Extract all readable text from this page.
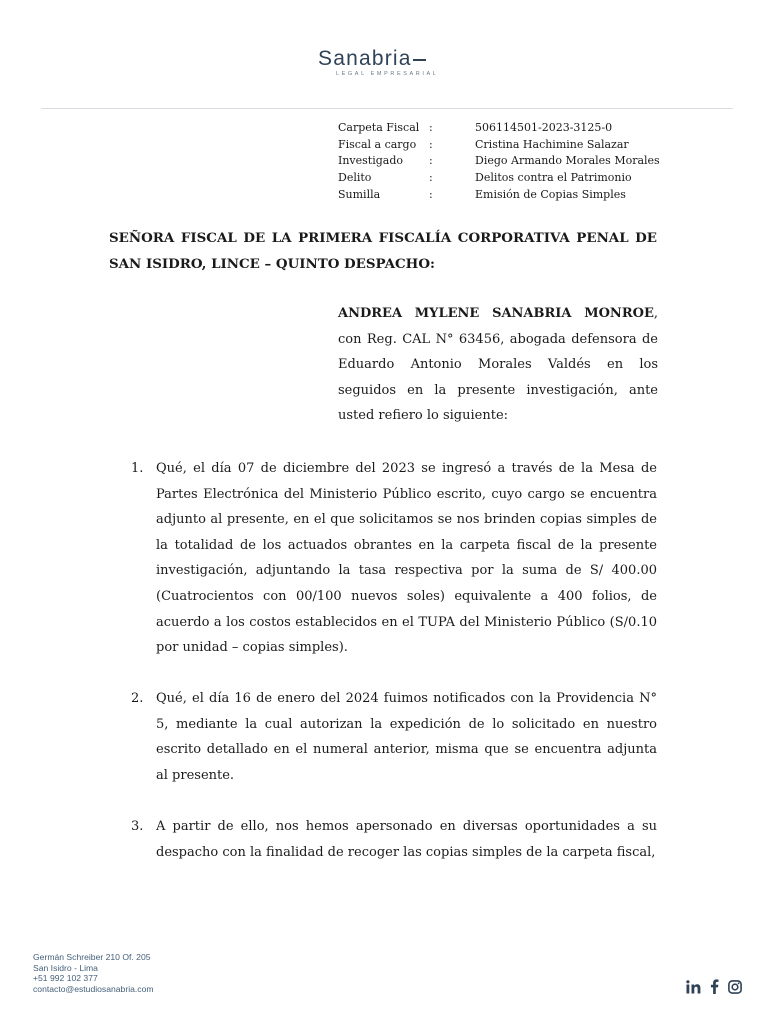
Sanabria
LEGAL EMPRESARIAL
Carpeta Fiscal :	506114501-2023-3125-0
Fiscal a cargo	:	Cristina Hachimine Salazar
Investigado	:	Diego Armando Morales Morales
Delito	:	Delitos contra el Patrimonio
Sumilla	:	Emisión de Copias Simples
SEÑORA FISCAL DE LA PRIMERA FISCALÍA CORPORATIVA PENAL DE SAN ISIDRO, LINCE – QUINTO DESPACHO:
ANDREA MYLENE SANABRIA MONROE, con Reg. CAL N° 63456, abogada defensora de Eduardo Antonio Morales Valdés en los seguidos en la presente investigación, ante usted refiero lo siguiente:
1. Qué, el día 07 de diciembre del 2023 se ingresó a través de la Mesa de Partes Electrónica del Ministerio Público escrito, cuyo cargo se encuentra adjunto al presente, en el que solicitamos se nos brinden copias simples de la totalidad de los actuados obrantes en la carpeta fiscal de la presente investigación, adjuntando la tasa respectiva por la suma de S/ 400.00 (Cuatrocientos con 00/100 nuevos soles) equivalente a 400 folios, de acuerdo a los costos establecidos en el TUPA del Ministerio Público (S/0.10 por unidad – copias simples).
2. Qué, el día 16 de enero del 2024 fuimos notificados con la Providencia N° 5, mediante la cual autorizan la expedición de lo solicitado en nuestro escrito detallado en el numeral anterior, misma que se encuentra adjunta al presente.
3. A partir de ello, nos hemos apersonado en diversas oportunidades a su despacho con la finalidad de recoger las copias simples de la carpeta fiscal,
Germán Schreiber 210 Of. 205
San Isidro - Lima
+51 992 102 377
contacto@estudiosanabria.com
